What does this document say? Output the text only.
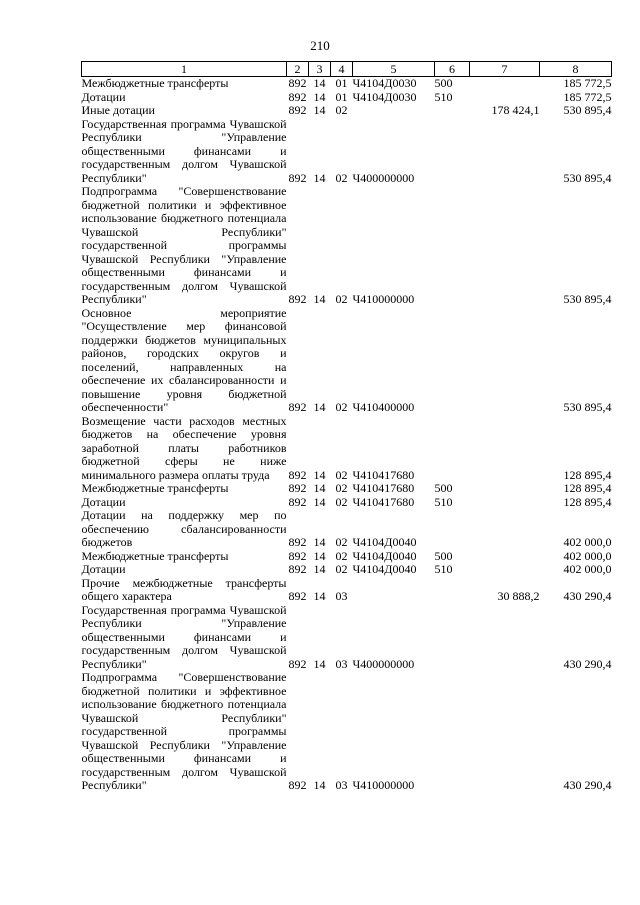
210
1	2	3	4	5	6	7	8
Межбюджетные трансферты	892	14	01	Ч4104Д0030	500		185 772,5
Дотации	892	14	01	Ч4104Д0030	510		185 772,5
Иные дотации	892	14	02			178 424,1	530 895,4
Государственная программа Чувашской Республики "Управление общественными финансами и государственным долгом Чувашской Республики"	892	14	02	Ч400000000			530 895,4
Подпрограмма "Совершенствование бюджетной политики и эффективное использование бюджетного потенциала Чувашской Республики" государственной программы Чувашской Республики "Управление общественными финансами и государственным долгом Чувашской Республики"	892	14	02	Ч410000000			530 895,4
Основное мероприятие "Осуществление мер финансовой поддержки бюджетов муниципальных районов, городских округов и поселений, направленных на обеспечение их сбалансированности и повышение уровня бюджетной обеспеченности"	892	14	02	Ч410400000			530 895,4
Возмещение части расходов местных бюджетов на обеспечение уровня заработной платы работников бюджетной сферы не ниже минимального размера оплаты труда	892	14	02	Ч410417680			128 895,4
Межбюджетные трансферты	892	14	02	Ч410417680	500		128 895,4
Дотации	892	14	02	Ч410417680	510		128 895,4
Дотации на поддержку мер по обеспечению сбалансированности бюджетов	892	14	02	Ч4104Д0040			402 000,0
Межбюджетные трансферты	892	14	02	Ч4104Д0040	500		402 000,0
Дотации	892	14	02	Ч4104Д0040	510		402 000,0
Прочие межбюджетные трансферты общего характера	892	14	03			30 888,2	430 290,4
Государственная программа Чувашской Республики "Управление общественными финансами и государственным долгом Чувашской Республики"	892	14	03	Ч400000000			430 290,4
Подпрограмма "Совершенствование бюджетной политики и эффективное использование бюджетного потенциала Чувашской Республики" государственной программы Чувашской Республики "Управление общественными финансами и государственным долгом Чувашской Республики"	892	14	03	Ч410000000			430 290,4
